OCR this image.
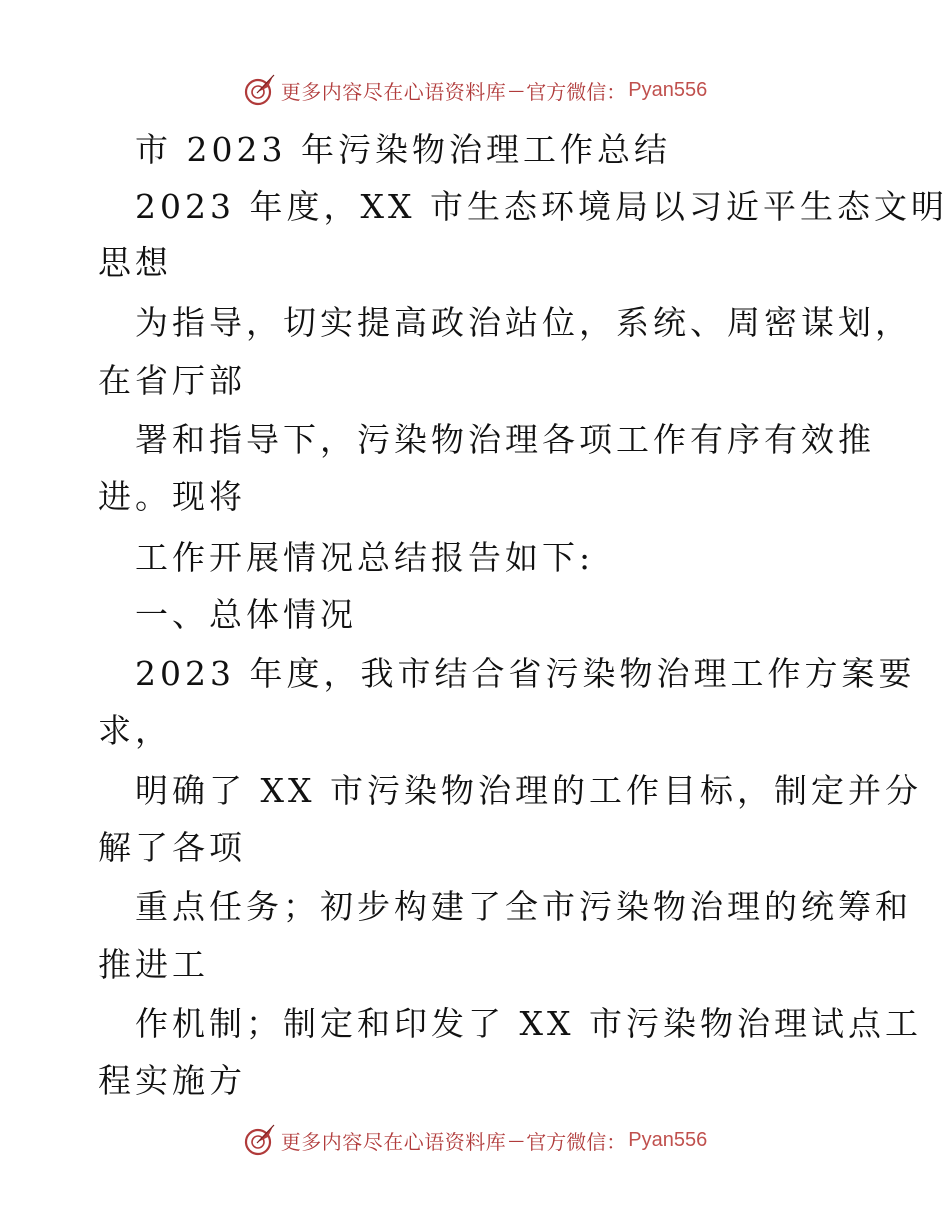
更多内容尽在心语资料库 — 官方微信： Pyan556
市 2023 年污染物治理工作总结
2023 年度，XX 市生态环境局以习近平生态文明
思想
为指导，切实提高政治站位，系统、周密谋划，
在省厅部
署和指导下，污染物治理各项工作有序有效推
进。现将
工作开展情况总结报告如下:
一、总体情况
2023 年度，我市结合省污染物治理工作方案要
求，
明确了 XX 市污染物治理的工作目标，制定并分
解了各项
重点任务；初步构建了全市污染物治理的统筹和
推进工
作机制；制定和印发了 XX 市污染物治理试点工
程实施方
更多内容尽在心语资料库 — 官方微信： Pyan556
